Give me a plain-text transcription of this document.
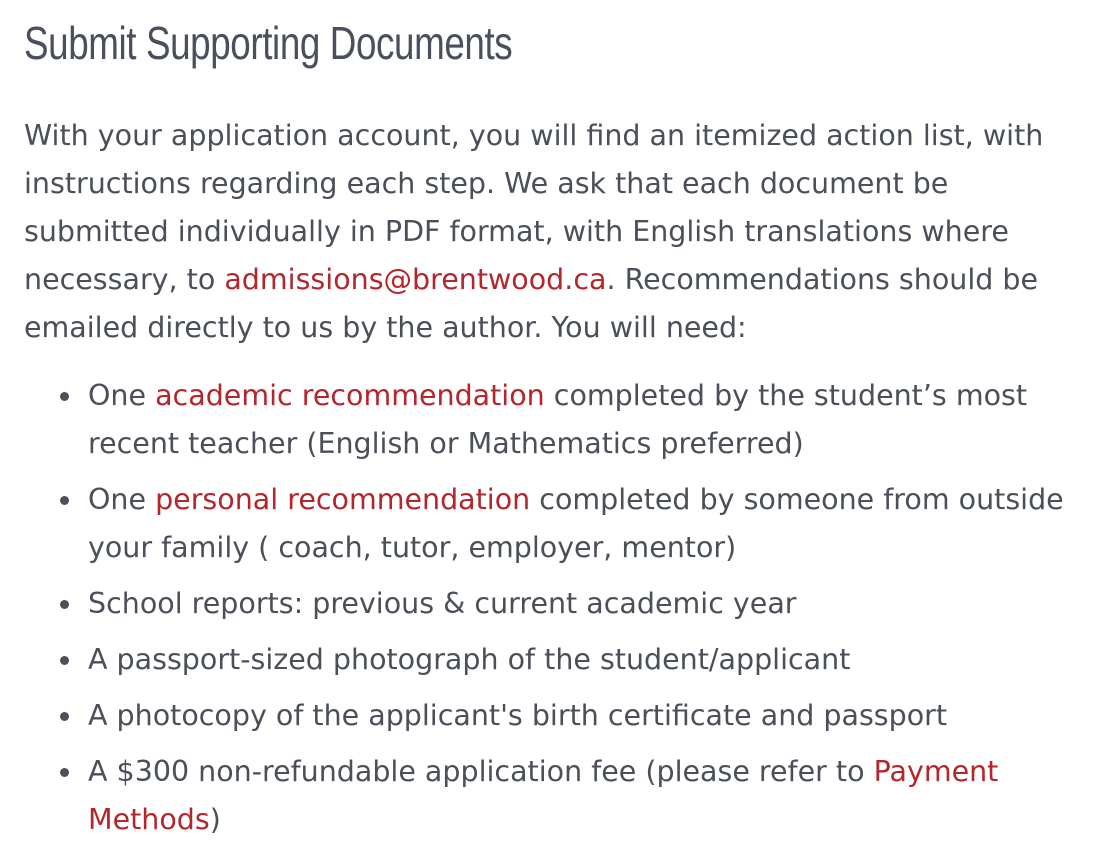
Submit Supporting Documents

With your application account, you will find an itemized action list, with instructions regarding each step. We ask that each document be submitted individually in PDF format, with English translations where necessary, to admissions@brentwood.ca. Recommendations should be emailed directly to us by the author. You will need:

One academic recommendation completed by the student’s most recent teacher (English or Mathematics preferred)
One personal recommendation completed by someone from outside your family ( coach, tutor, employer, mentor)
School reports: previous & current academic year
A passport-sized photograph of the student/applicant
A photocopy of the applicant's birth certificate and passport
A $300 non-refundable application fee (please refer to Payment Methods)
